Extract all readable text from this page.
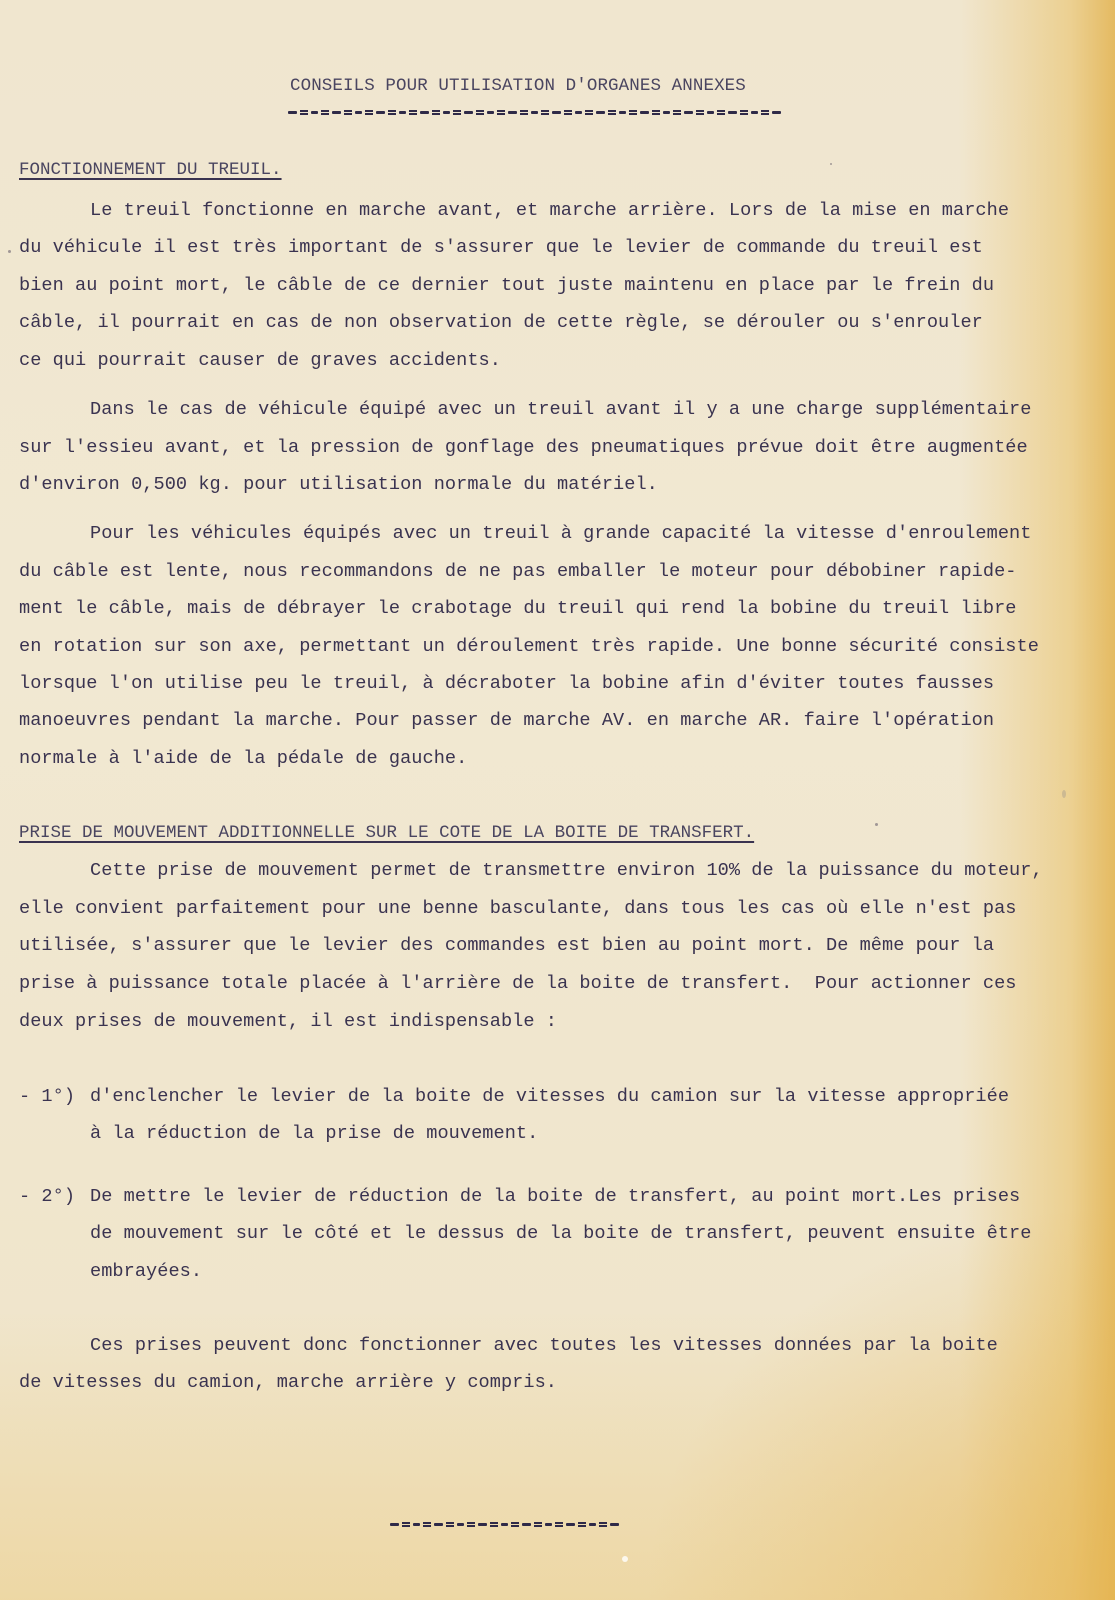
CONSEILS POUR UTILISATION D'ORGANES ANNEXES
FONCTIONNEMENT DU TREUIL.
Le treuil fonctionne en marche avant, et marche arrière. Lors de la mise en marche
du véhicule il est très important de s'assurer que le levier de commande du treuil est
bien au point mort, le câble de ce dernier tout juste maintenu en place par le frein du
câble, il pourrait en cas de non observation de cette règle, se dérouler ou s'enrouler
ce qui pourrait causer de graves accidents.
Dans le cas de véhicule équipé avec un treuil avant il y a une charge supplémentaire
sur l'essieu avant, et la pression de gonflage des pneumatiques prévue doit être augmentée
d'environ 0,500 kg. pour utilisation normale du matériel.
Pour les véhicules équipés avec un treuil à grande capacité la vitesse d'enroulement
du câble est lente, nous recommandons de ne pas emballer le moteur pour débobiner rapide-
ment le câble, mais de débrayer le crabotage du treuil qui rend la bobine du treuil libre
en rotation sur son axe, permettant un déroulement très rapide. Une bonne sécurité consiste
lorsque l'on utilise peu le treuil, à décraboter la bobine afin d'éviter toutes fausses
manoeuvres pendant la marche. Pour passer de marche AV. en marche AR. faire l'opération
normale à l'aide de la pédale de gauche.
PRISE DE MOUVEMENT ADDITIONNELLE SUR LE COTE DE LA BOITE DE TRANSFERT.
Cette prise de mouvement permet de transmettre environ 10% de la puissance du moteur,
elle convient parfaitement pour une benne basculante, dans tous les cas où elle n'est pas
utilisée, s'assurer que le levier des commandes est bien au point mort. De même pour la
prise à puissance totale placée à l'arrière de la boite de transfert.  Pour actionner ces
deux prises de mouvement, il est indispensable :
- 1°) d'enclencher le levier de la boite de vitesses du camion sur la vitesse appropriée
à la réduction de la prise de mouvement.
- 2°) De mettre le levier de réduction de la boite de transfert, au point mort.Les prises
de mouvement sur le côté et le dessus de la boite de transfert, peuvent ensuite être
embrayées.
Ces prises peuvent donc fonctionner avec toutes les vitesses données par la boite
de vitesses du camion, marche arrière y compris.
